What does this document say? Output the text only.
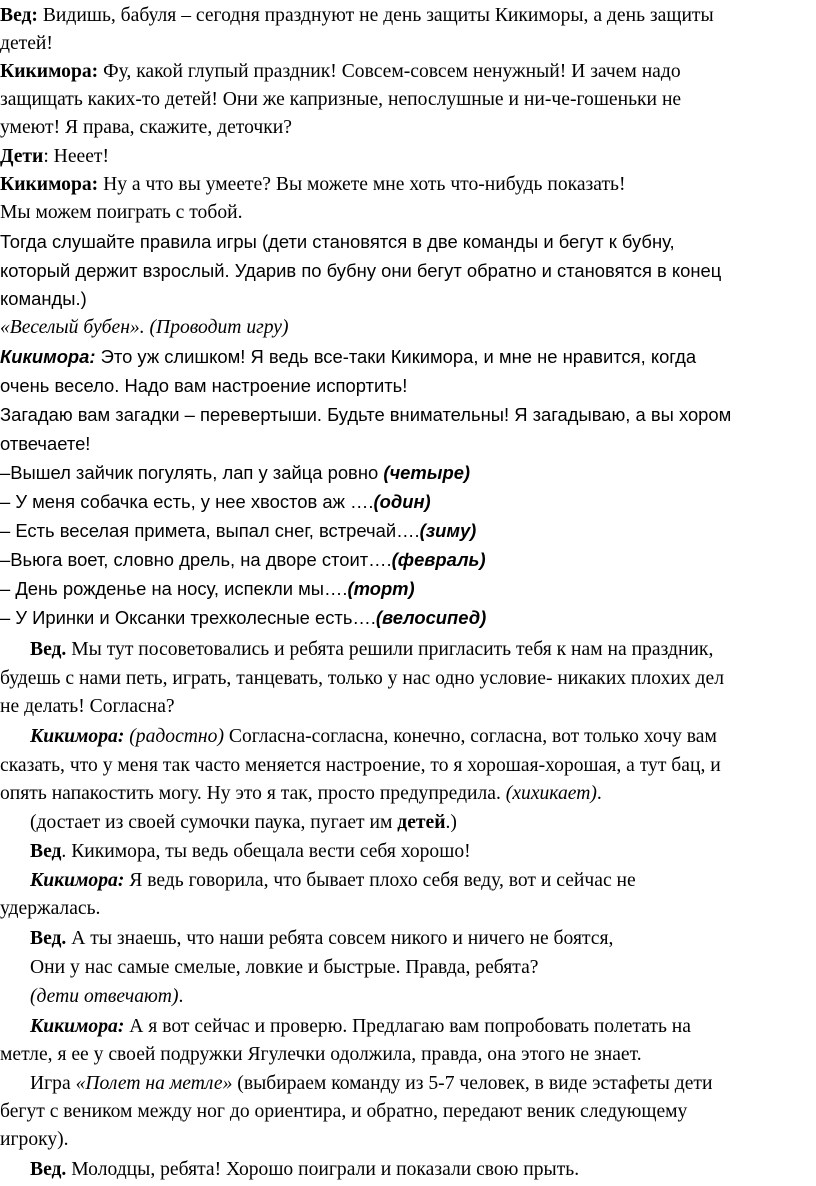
Вед: Видишь, бабуля – сегодня празднуют не день защиты Кикиморы, а день защиты
детей!
Кикимора: Фу, какой глупый праздник! Совсем-совсем ненужный! И зачем надо
защищать каких-то детей! Они же капризные, непослушные и ни-че-гошеньки не
умеют! Я права, скажите, деточки?
Дети: Нееет!
Кикимора: Ну а что вы умеете? Вы можете мне хоть что-нибудь показать!
Мы можем поиграть с тобой.
Тогда слушайте правила игры (дети становятся в две команды и бегут к бубну,
который держит взрослый. Ударив по бубну они бегут обратно и становятся в конец
команды.)
«Веселый бубен». (Проводит игру)
Кикимора: Это уж слишком! Я ведь все-таки Кикимора, и мне не нравится, когда
очень весело. Надо вам настроение испортить!
Загадаю вам загадки – перевертыши. Будьте внимательны! Я загадываю, а вы хором
отвечаете!
–Вышел зайчик погулять, лап у зайца ровно (четыре)
– У меня собачка есть, у нее хвостов аж ….(один)
– Есть веселая примета, выпал снег, встречай….(зиму)
–Вьюга воет, словно дрель, на дворе стоит….(февраль)
– День рожденье на носу, испекли мы….(торт)
– У Иринки и Оксанки трехколесные есть….(велосипед)
Вед. Мы тут посоветовались и ребята решили пригласить тебя к нам на праздник,
будешь с нами петь, играть, танцевать, только у нас одно условие- никаких плохих дел
не делать! Согласна?
Кикимора: (радостно) Согласна-согласна, конечно, согласна, вот только хочу вам
сказать, что у меня так часто меняется настроение, то я хорошая-хорошая, а тут бац, и
опять напакостить могу. Ну это я так, просто предупредила. (хихикает).
(достает из своей сумочки паука, пугает им детей.)
Вед. Кикимора, ты ведь обещала вести себя хорошо!
Кикимора: Я ведь говорила, что бывает плохо себя веду, вот и сейчас не
удержалась.
Вед. А ты знаешь, что наши ребята совсем никого и ничего не боятся,
Они у нас самые смелые, ловкие и быстрые. Правда, ребята?
(дети отвечают).
Кикимора: А я вот сейчас и проверю. Предлагаю вам попробовать полетать на
метле, я ее у своей подружки Ягулечки одолжила, правда, она этого не знает.
Игра «Полет на метле» (выбираем команду из 5-7 человек, в виде эстафеты дети
бегут с веником между ног до ориентира, и обратно, передают веник следующему
игроку).
Вед. Молодцы, ребята! Хорошо поиграли и показали свою прыть.
